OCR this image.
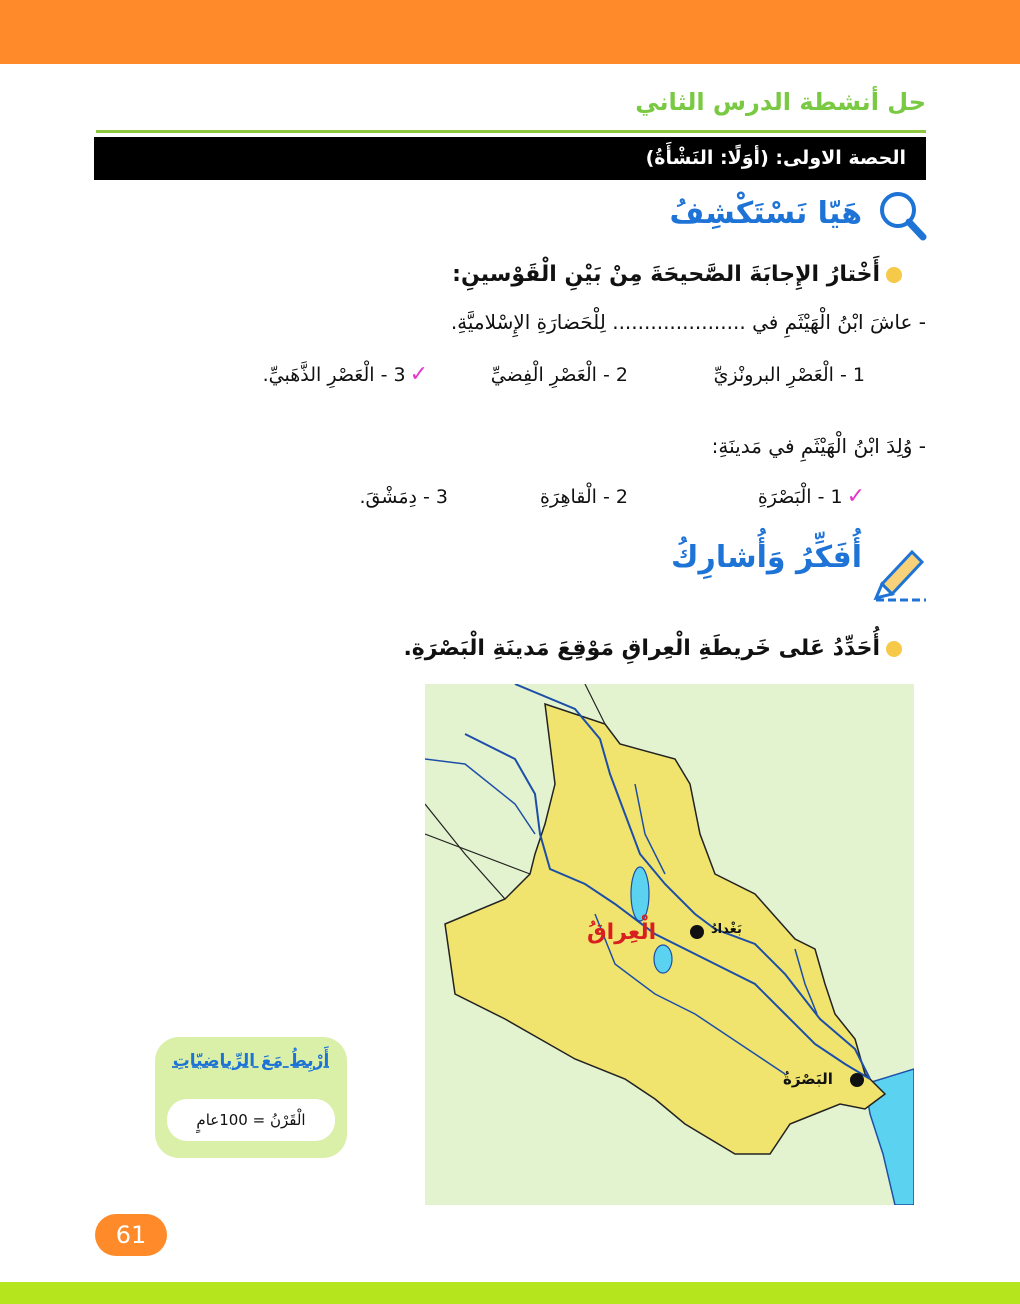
حل أنشطة الدرس الثاني
الحصة الاولى: (أوَلًا: النَشْأَةُ)
هَيّا نَسْتَكْشِفُ
أَخْتارُ الإِجابَةَ الصَّحيحَةَ مِنْ بَيْنِ الْقَوْسينِ:
- عاشَ ابْنُ الْهَيْثَمِ في ..................... لِلْحَضارَةِ الإِسْلاميَّةِ.
1 - الْعَصْرِ البرونْزيِّ
2 - الْعَصْرِ الْفِضيِّ
✓3 - الْعَصْرِ الذَّهَبيِّ.
- وُلِدَ ابْنُ الْهَيْثَمِ في مَدينَةِ:
✓1 - الْبَصْرَةِ
2 - الْقاهِرَةِ
3 - دِمَشْقَ.
أُفَكِّرُ وَأُشارِكُ
أُحَدِّدُ عَلى خَريطَةِ الْعِراقِ مَوْقِعَ مَدينَةِ الْبَصْرَةِ.
الْعِراقُ	بَغْدادُ
البَصْرَةُ
أَرْبِطُ مَعَ الرِّياضيّاتِ
الْقَرْنُ = 100عامٍ
61
